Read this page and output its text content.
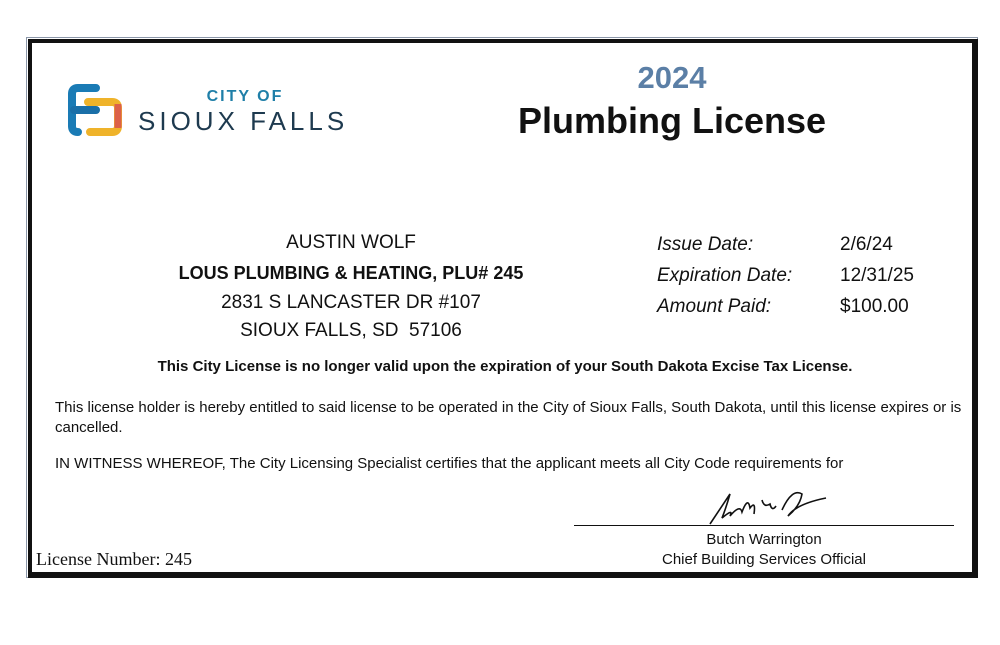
CITY OF
SIOUX FALLS
2024
Plumbing License
AUSTIN WOLF
LOUS PLUMBING & HEATING, PLU# 245
2831 S LANCASTER DR #107
SIOUX FALLS, SD  57106
Issue Date:	2/6/24
Expiration Date:	12/31/25
Amount Paid:	$100.00
This City License is no longer valid upon the expiration of your South Dakota Excise Tax License.

This license holder is hereby entitled to said license to be operated in the City of Sioux Falls, South Dakota, until this license expires or is cancelled.

IN WITNESS WHEREOF, The City Licensing Specialist certifies that the applicant meets all City Code requirements for

Butch Warrington
Chief Building Services Official
License Number: 245
